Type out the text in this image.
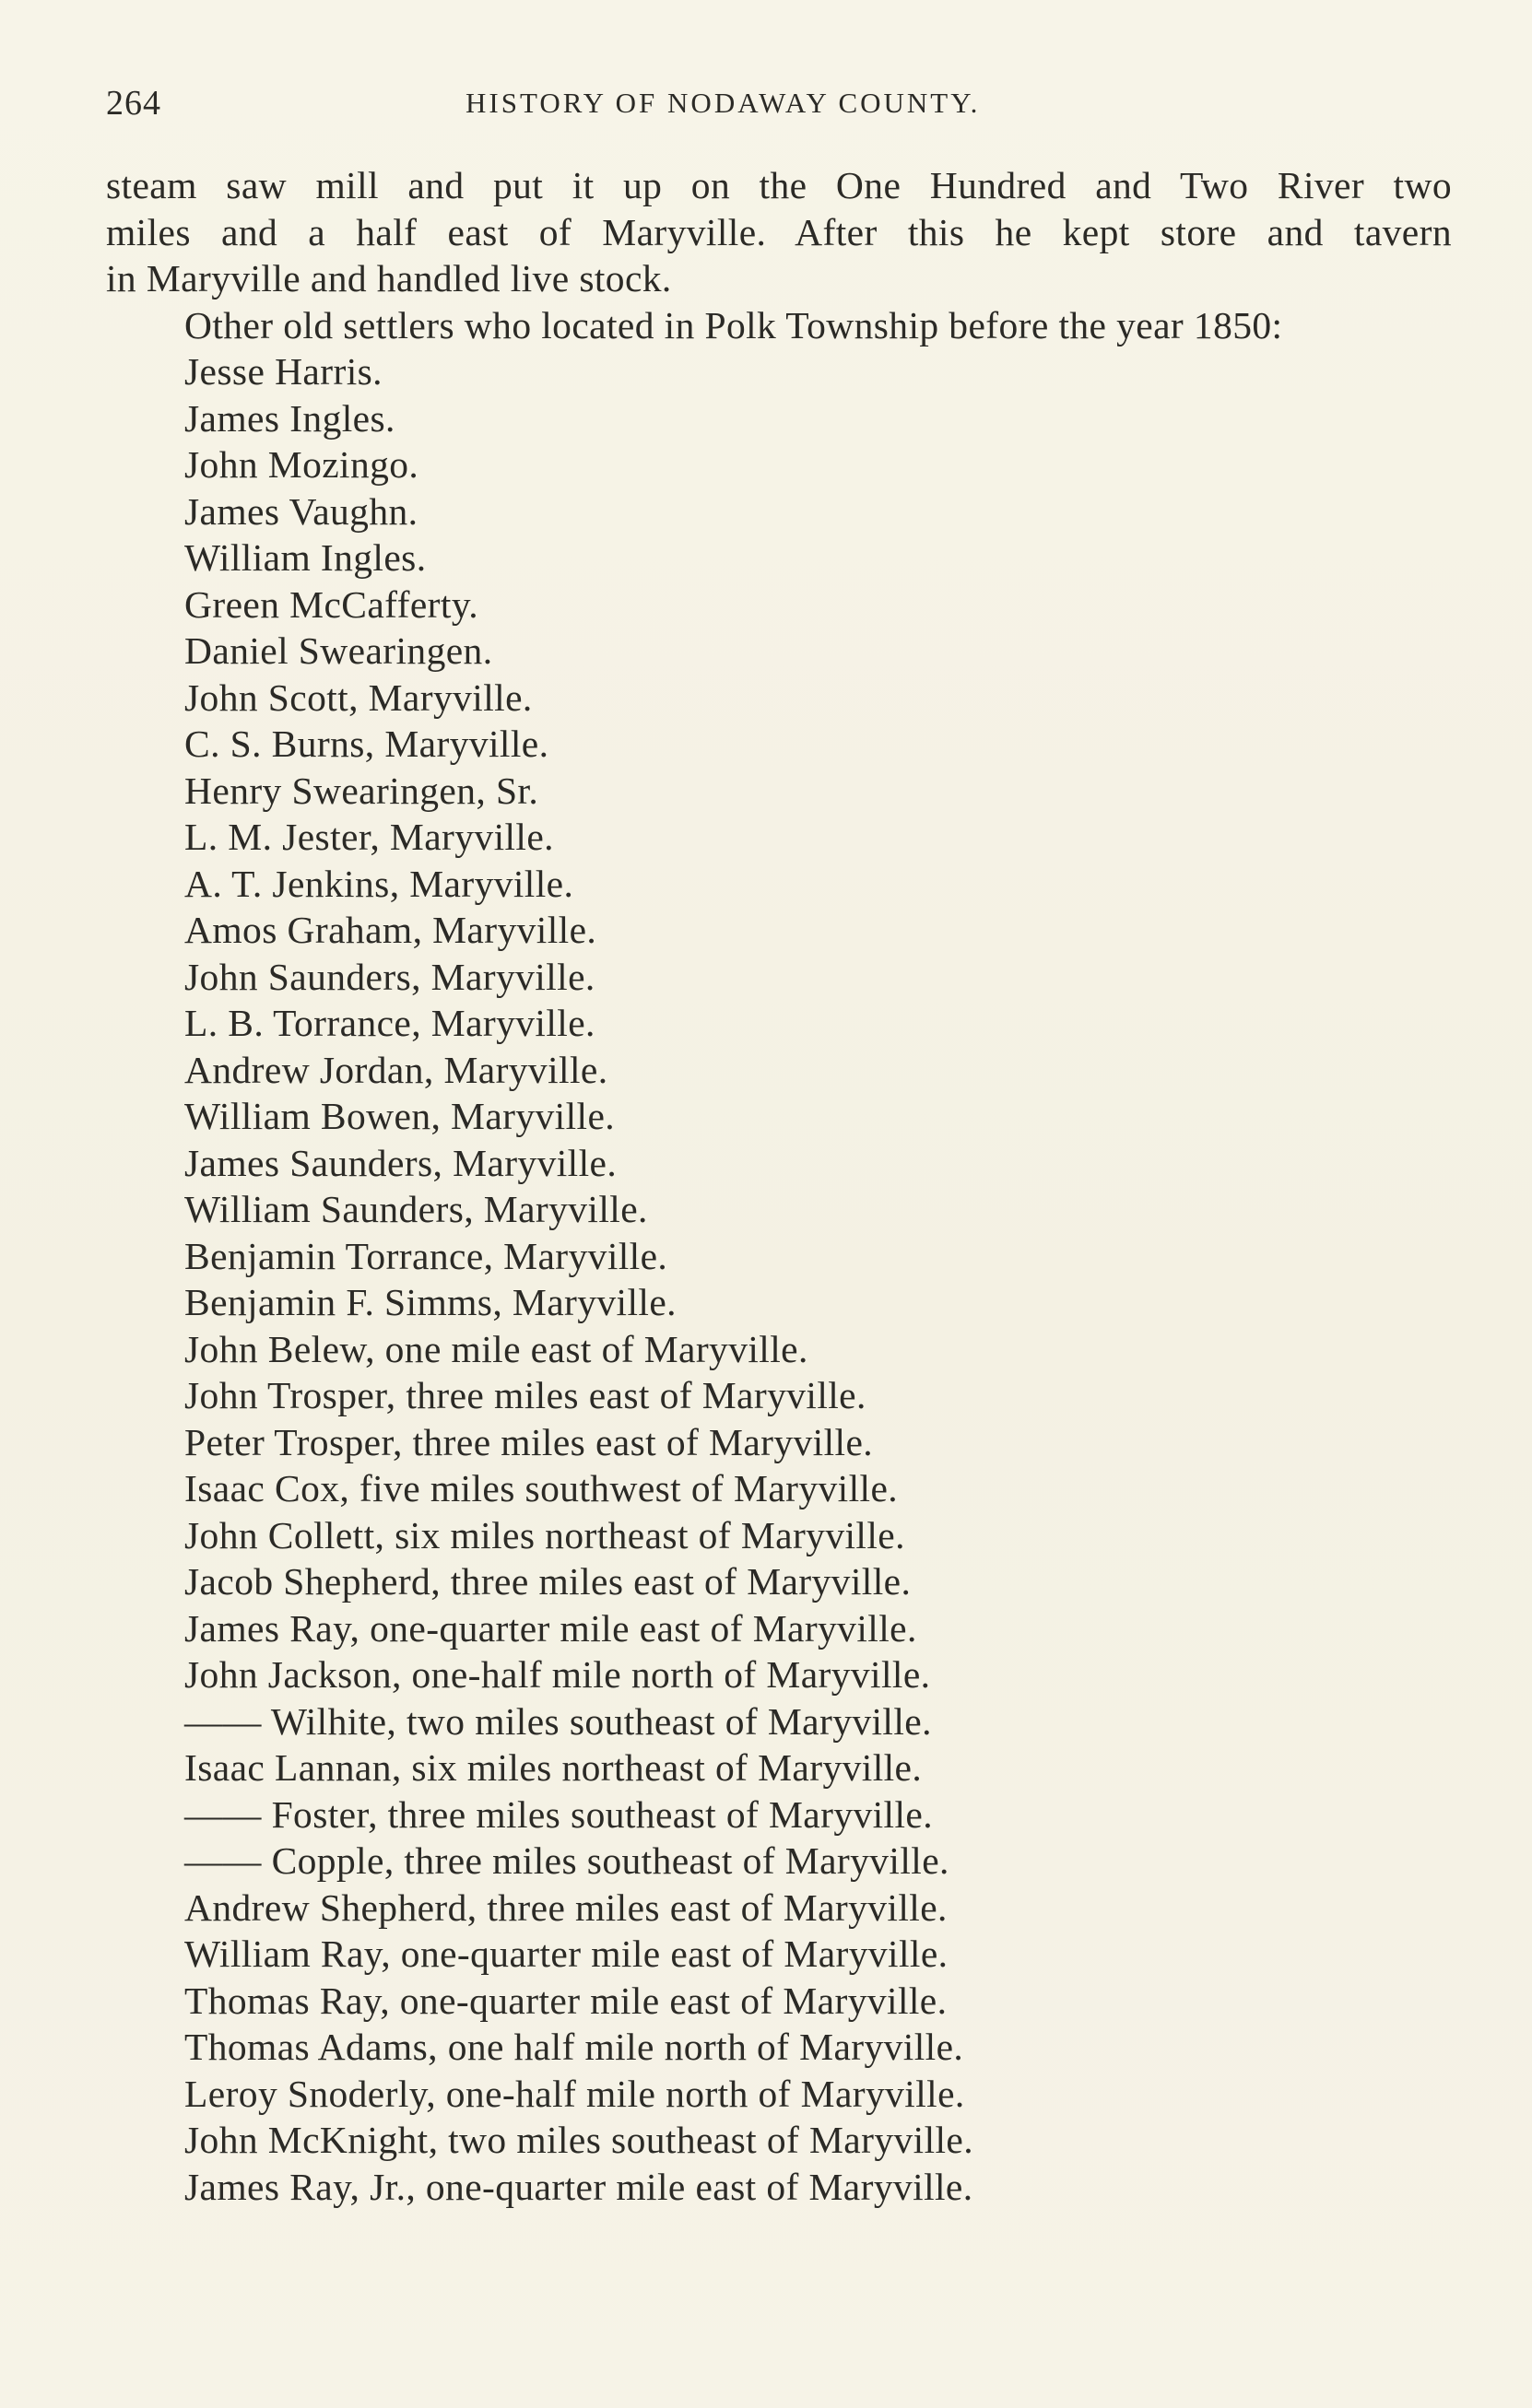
264	HISTORY OF NODAWAY COUNTY.

steam saw mill and put it up on the One Hundred and Two River two

miles and a half east of Maryville. After this he kept store and tavern

in Maryville and handled live stock.

Other old settlers who located in Polk Township before the year 1850:

Jesse Harris.
James Ingles.
John Mozingo.
James Vaughn.
William Ingles.
Green McCafferty.
Daniel Swearingen.
John Scott, Maryville.
C. S. Burns, Maryville.
Henry Swearingen, Sr.
L. M. Jester, Maryville.
A. T. Jenkins, Maryville.
Amos Graham, Maryville.
John Saunders, Maryville.
L. B. Torrance, Maryville.
Andrew Jordan, Maryville.
William Bowen, Maryville.
James Saunders, Maryville.
William Saunders, Maryville.
Benjamin Torrance, Maryville.
Benjamin F. Simms, Maryville.
John Belew, one mile east of Maryville.
John Trosper, three miles east of Maryville.
Peter Trosper, three miles east of Maryville.
Isaac Cox, five miles southwest of Maryville.
John Collett, six miles northeast of Maryville.
Jacob Shepherd, three miles east of Maryville.
James Ray, one-quarter mile east of Maryville.
John Jackson, one-half mile north of Maryville.
—— Wilhite, two miles southeast of Maryville.
Isaac Lannan, six miles northeast of Maryville.
—— Foster, three miles southeast of Maryville.
—— Copple, three miles southeast of Maryville.
Andrew Shepherd, three miles east of Maryville.
William Ray, one-quarter mile east of Maryville.
Thomas Ray, one-quarter mile east of Maryville.
Thomas Adams, one half mile north of Maryville.
Leroy Snoderly, one-half mile north of Maryville.
John McKnight, two miles southeast of Maryville.
James Ray, Jr., one-quarter mile east of Maryville.
